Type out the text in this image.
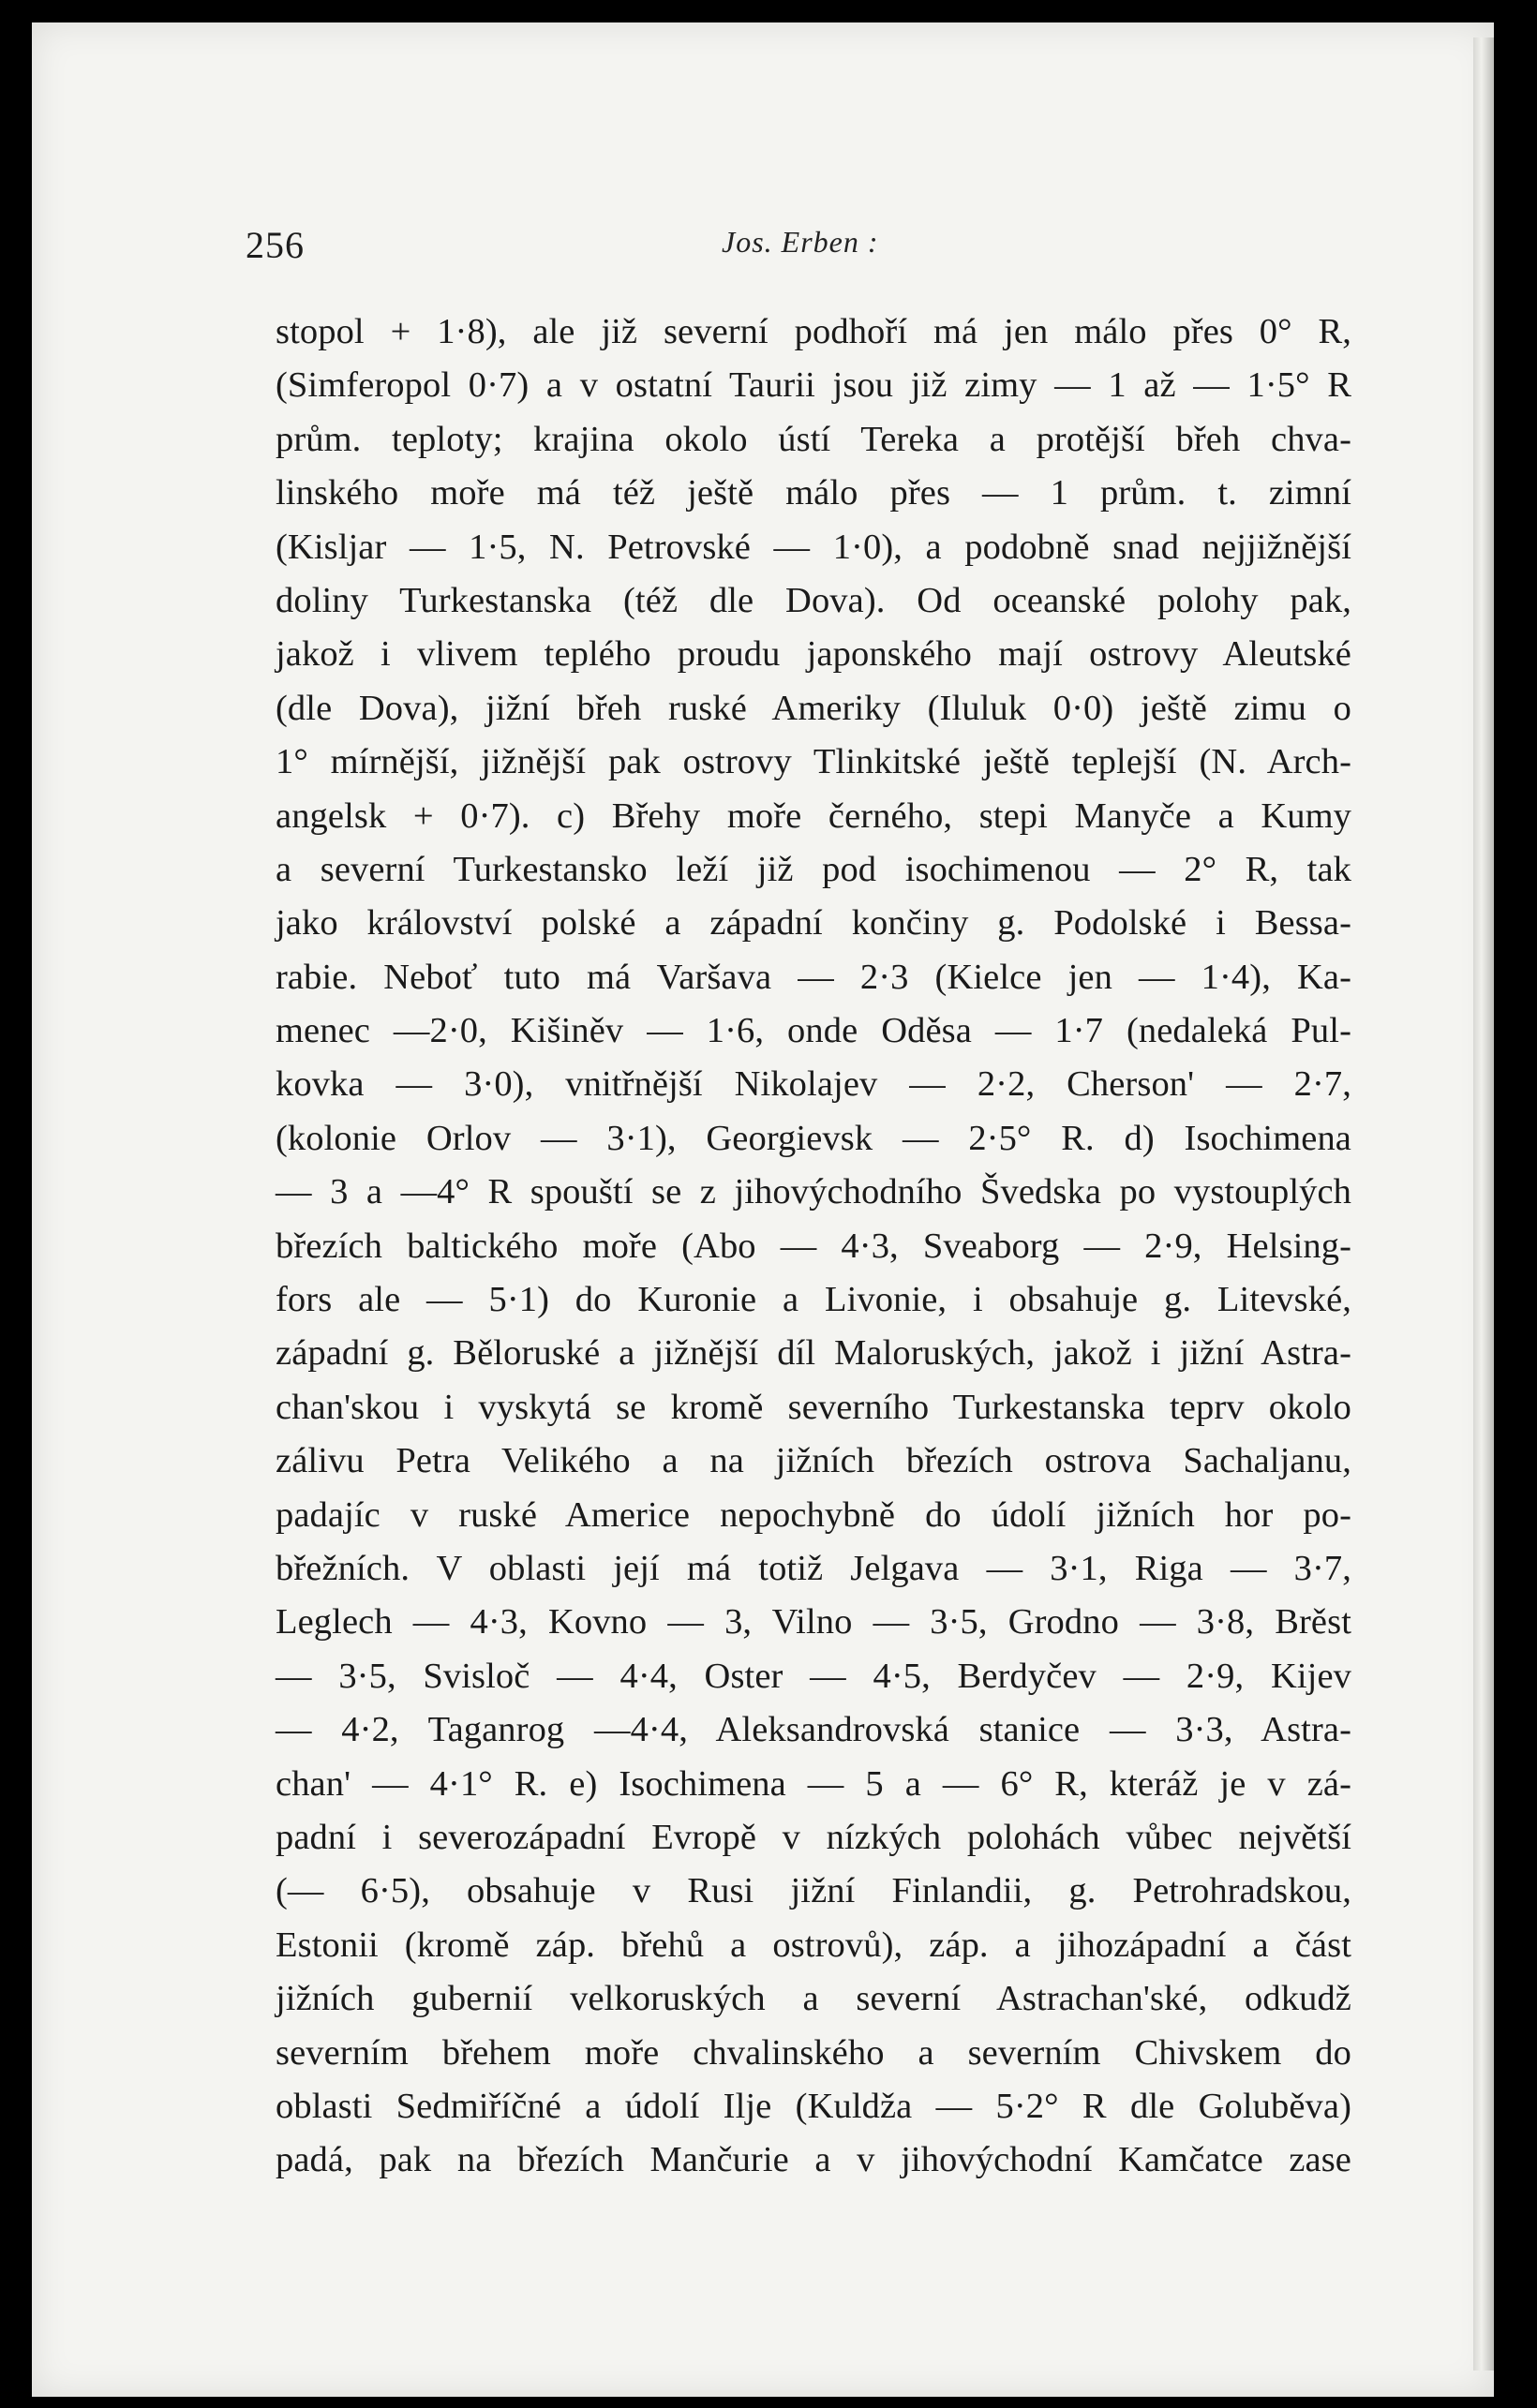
256	Jos. Erben :
stopol + 1·8), ale již severní podhoří má jen málo přes 0° R,
(Simferopol 0·7) a v ostatní Taurii jsou již zimy — 1 až — 1·5° R
prům. teploty; krajina okolo ústí Tereka a protější břeh chva-
linského moře má též ještě málo přes — 1 prům. t. zimní
(Kisljar — 1·5, N. Petrovské — 1·0), a podobně snad nejjižnější
doliny Turkestanska (též dle Dova). Od oceanské polohy pak,
jakož i vlivem teplého proudu japonského mají ostrovy Aleutské
(dle Dova), jižní břeh ruské Ameriky (Iluluk 0·0) ještě zimu o
1° mírnější, jižnější pak ostrovy Tlinkitské ještě teplejší (N. Arch-
angelsk + 0·7). c) Břehy moře černého, stepi Manyče a Kumy
a severní Turkestansko leží již pod isochimenou — 2° R, tak
jako království polské a západní končiny g. Podolské i Bessa-
rabie. Neboť tuto má Varšava — 2·3 (Kielce jen — 1·4), Ka-
menec —2·0, Kišiněv — 1·6, onde Oděsa — 1·7 (nedaleká Pul-
kovka — 3·0), vnitřnější Nikolajev — 2·2, Cherson' — 2·7,
(kolonie Orlov — 3·1), Georgievsk — 2·5° R. d) Isochimena
— 3 a —4° R spouští se z jihovýchodního Švedska po vystouplých
březích baltického moře (Abo — 4·3, Sveaborg — 2·9, Helsing-
fors ale — 5·1) do Kuronie a Livonie, i obsahuje g. Litevské,
západní g. Běloruské a jižnější díl Maloruských, jakož i jižní Astra-
chan'skou i vyskytá se kromě severního Turkestanska teprv okolo
zálivu Petra Velikého a na jižních březích ostrova Sachaljanu,
padajíc v ruské Americe nepochybně do údolí jižních hor po-
břežních. V oblasti její má totiž Jelgava — 3·1, Riga — 3·7,
Leglech — 4·3, Kovno — 3, Vilno — 3·5, Grodno — 3·8, Brěst
— 3·5, Svisloč — 4·4, Oster — 4·5, Berdyčev — 2·9, Kijev
— 4·2, Taganrog —4·4, Aleksandrovská stanice — 3·3, Astra-
chan' — 4·1° R. e) Isochimena — 5 a — 6° R, kteráž je v zá-
padní i severozápadní Evropě v nízkých polohách vůbec největší
(— 6·5), obsahuje v Rusi jižní Finlandii, g. Petrohradskou,
Estonii (kromě záp. břehů a ostrovů), záp. a jihozápadní a část
jižních gubernií velkoruských a severní Astrachan'ské, odkudž
severním břehem moře chvalinského a severním Chivskem do
oblasti Sedmiříčné a údolí Ilje (Kuldža — 5·2° R dle Goluběva)
padá, pak na březích Mančurie a v jihovýchodní Kamčatce zase
